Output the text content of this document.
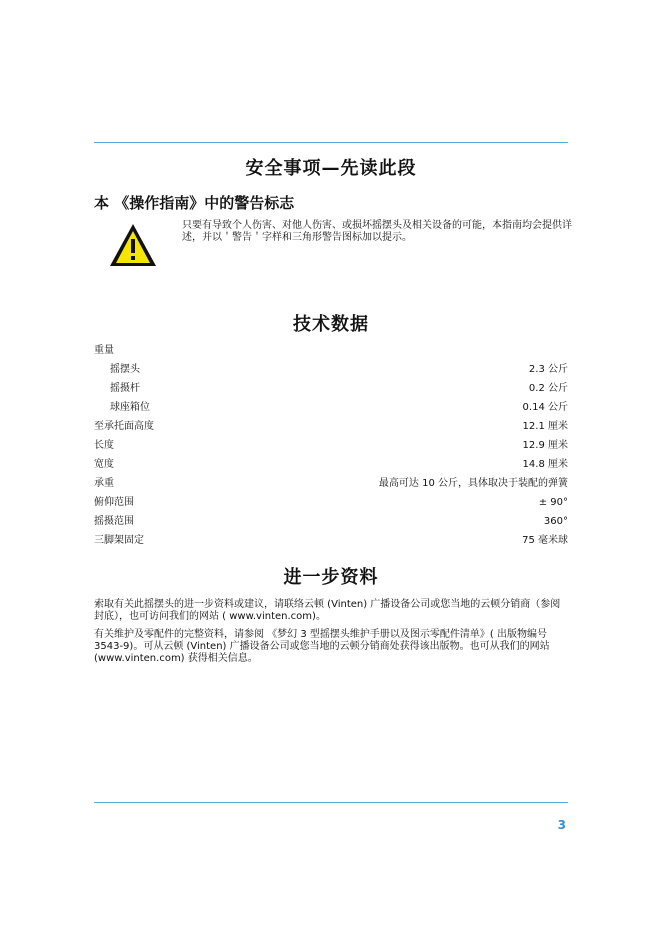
安全事项—先读此段
本 《操作指南》中的警告标志
只要有导致个人伤害、对他人伤害、或损坏摇摆头及相关设备的可能，本指南均会提供详述，并以＇警告＇字样和三角形警告图标加以提示。
技术数据
重量
摇摆头	2.3 公斤
摇摄杆	0.2 公斤
球座箱位	0.14 公斤
至承托面高度	12.1 厘米
长度	12.9 厘米
宽度	14.8 厘米
承重	最高可达 10 公斤，具体取决于装配的弹簧
俯仰范围	± 90°
摇摄范围	360°
三脚架固定	75 毫米球
进一步资料
索取有关此摇摆头的进一步资料或建议，请联络云顿 (Vinten) 广播设备公司或您当地的云顿分销商（参阅封底），也可访问我们的网站 ( www.vinten.com)。
有关维护及零配件的完整资料，请参阅 《梦幻 3 型摇摆头维护手册以及图示零配件清单》( 出版物编号 3543-9)。可从云顿 (Vinten) 广播设备公司或您当地的云顿分销商处获得该出版物。也可从我们的网站 (www.vinten.com) 获得相关信息。
3
